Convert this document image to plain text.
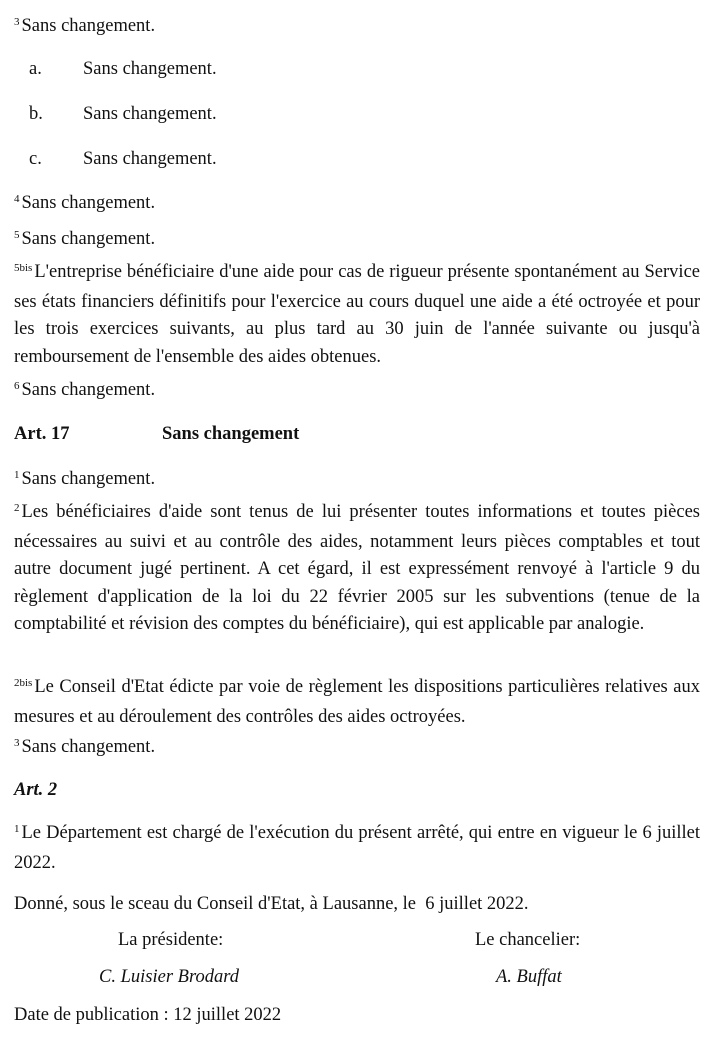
$^3$ Sans changement.
a. Sans changement.
b. Sans changement.
c. Sans changement.
$^4$ Sans changement.
$^5$ Sans changement.
$^{5bis}$ L'entreprise bénéficiaire d'une aide pour cas de rigueur présente spontanément au Service ses états financiers définitifs pour l'exercice au cours duquel une aide a été octroyée et pour les trois exercices suivants, au plus tard au 30 juin de l'année suivante ou jusqu'à remboursement de l'ensemble des aides obtenues.
$^6$ Sans changement.
Art. 17	Sans changement
$^1$ Sans changement.
$^2$ Les bénéficiaires d'aide sont tenus de lui présenter toutes informations et toutes pièces nécessaires au suivi et au contrôle des aides, notamment leurs pièces comptables et tout autre document jugé pertinent. A cet égard, il est expressément renvoyé à l'article 9 du règlement d'application de la loi du 22 février 2005 sur les subventions (tenue de la comptabilité et révision des comptes du bénéficiaire), qui est applicable par analogie.
$^{2bis}$ Le Conseil d'Etat édicte par voie de règlement les dispositions particulières relatives aux mesures et au déroulement des contrôles des aides octroyées.
$^3$ Sans changement.
Art. 2
$^1$ Le Département est chargé de l'exécution du présent arrêté, qui entre en vigueur le 6 juillet 2022.
Donné, sous le sceau du Conseil d'Etat, à Lausanne, le  6 juillet 2022.
La présidente:	Le chancelier:
C. Luisier Brodard	A. Buffat
Date de publication : 12 juillet 2022
